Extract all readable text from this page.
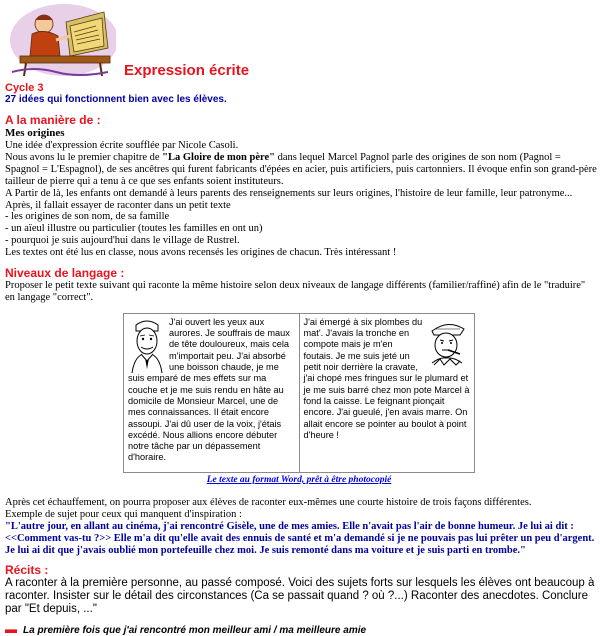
Expression écrite
Cycle 3
27 idées qui fonctionnent bien avec les élèves.
A la manière de :
Mes origines
Une idée d'expression écrite soufflée par Nicole Casoli.
Nous avons lu le premier chapitre de "La Gloire de mon père" dans lequel Marcel Pagnol parle des origines de son nom (Pagnol = Spagnol = L'Espagnol), de ses ancêtres qui furent fabricants d'épées en acier, puis artificiers, puis cartonniers. Il évoque enfin son grand-père tailleur de pierre qui a tenu à ce que ses enfants soient instituteurs.
A Partir de là, les enfants ont demandé à leurs parents des renseignements sur leurs origines, l'histoire de leur famille, leur patronyme...
Après, il fallait essayer de raconter dans un petit texte
- les origines de son nom, de sa famille
- un aïeul illustre ou particulier (toutes les familles en ont un)
- pourquoi je suis aujourd'hui dans le village de Rustrel.
Les textes ont été lus en classe, nous avons recensés les origines de chacun. Très intéressant !
Niveaux de langage :
Proposer le petit texte suivant qui raconte la même histoire selon deux niveaux de langage différents (familier/raffiné) afin de le "traduire" en langage "correct".
J'ai ouvert les yeux aux aurores. Je souffrais de maux de tête douloureux, mais cela m'importait peu. J'ai absorbé une boisson chaude, je me suis emparé de mes effets sur ma couche et je me suis rendu en hâte au domicile de Monsieur Marcel, une de mes connaissances. Il était encore assoupi. J'ai dû user de la voix, j'étais excédé. Nous allions encore débuter notre tâche par un dépassement d'horaire.
J'ai émergé à six plombes du mat'. J'avais la tronche en compote mais je m'en foutais. Je me suis jeté un petit noir derrière la cravate, j'ai chopé mes fringues sur le plumard et je me suis barré chez mon pote Marcel à fond la caisse. Le feignant pionçait encore. J'ai gueulé, j'en avais marre. On allait encore se pointer au boulot à point d'heure !
Le texte au format Word, prêt à être photocopié
Après cet échauffement, on pourra proposer aux élèves de raconter eux-mêmes une courte histoire de trois façons différentes.
Exemple de sujet pour ceux qui manquent d'inspiration :
"L'autre jour, en allant au cinéma, j'ai rencontré Gisèle, une de mes amies. Elle n'avait pas l'air de bonne humeur. Je lui ai dit :<<Comment vas-tu ?>> Elle m'a dit qu'elle avait des ennuis de santé et m'a demandé si je ne pouvais pas lui prêter un peu d'argent. Je lui ai dit que j'avais oublié mon portefeuille chez moi. Je suis remonté dans ma voiture et je suis parti en trombe."
Récits :
A raconter à la première personne, au passé composé. Voici des sujets forts sur lesquels les élèves ont beaucoup à raconter. Insister sur le détail des circonstances (Ca se passait quand ? où ?...) Raconter des anecdotes. Conclure par "Et depuis, ..."
▬ La première fois que j'ai rencontré mon meilleur ami / ma meilleure amie
